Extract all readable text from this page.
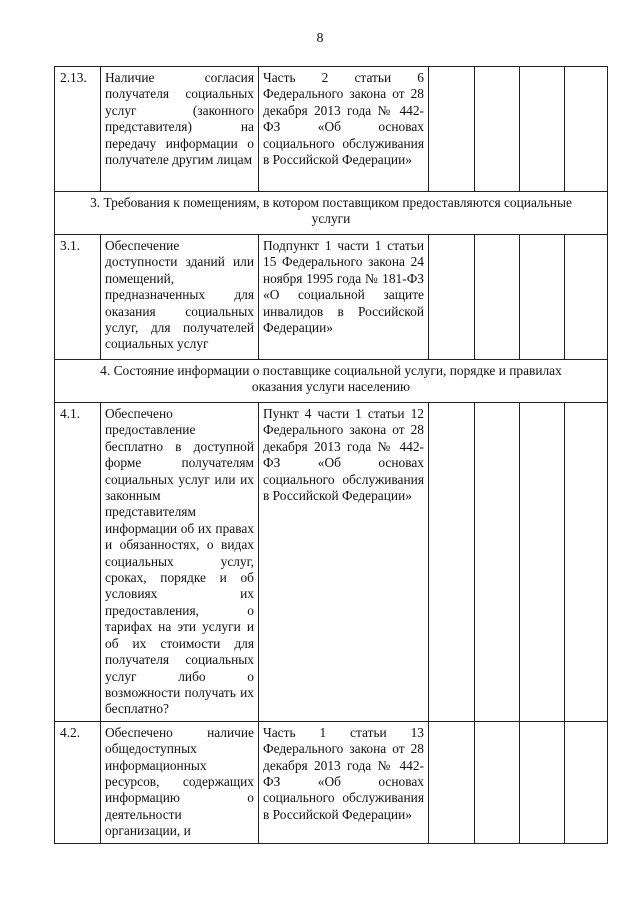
8
2.13.	Наличие согласия получателя социальных услуг (законного представителя) на передачу информации о получателе другим лицам	Часть 2 статьи 6 Федерального закона от 28 декабря 2013 года № 442-ФЗ «Об основах социального обслуживания в Российской Федерации»				
3. Требования к помещениям, в котором поставщиком предоставляются социальные услуги						
3.1.	Обеспечение доступности зданий или помещений, предназначенных для оказания социальных услуг, для получателей социальных услуг	Подпункт 1 части 1 статьи 15 Федерального закона 24 ноября 1995 года № 181-ФЗ «О социальной защите инвалидов в Российской Федерации»				
4. Состояние информации о поставщике социальной услуги, порядке и правилах оказания услуги населению						
4.1.	Обеспечено предоставление бесплатно в доступной форме получателям социальных услуг или их законным представителям информации об их правах и обязанностях, о видах социальных услуг, сроках, порядке и об условиях их предоставления, о тарифах на эти услуги и об их стоимости для получателя социальных услуг либо о возможности получать их бесплатно?	Пункт 4 части 1 статьи 12 Федерального закона от 28 декабря 2013 года № 442-ФЗ «Об основах социального обслуживания в Российской Федерации»				
4.2.	Обеспечено наличие общедоступных информационных ресурсов, содержащих информацию о деятельности организации, и	Часть 1 статьи 13 Федерального закона от 28 декабря 2013 года № 442-ФЗ «Об основах социального обслуживания в Российской Федерации»				
